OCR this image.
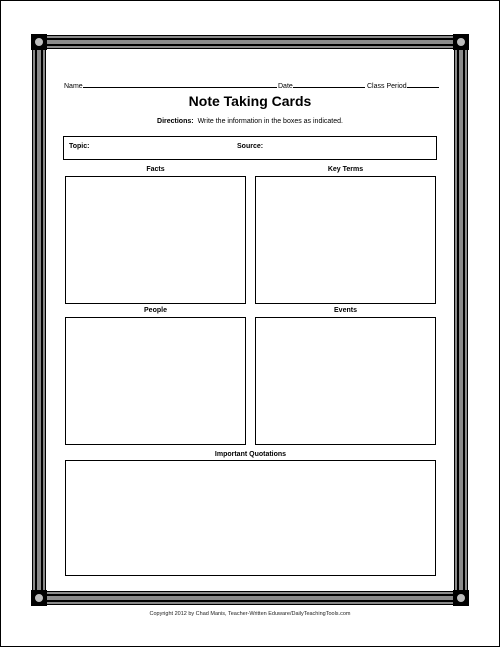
Name	Date	Class Period
Note Taking Cards
Directions: Write the information in the boxes as indicated.
Topic:	Source:
Facts	Key Terms
People	Events
Important Quotations
Copyright 2012 by Chad Manis, Teacher-Written Eduware/DailyTeachingTools.com
